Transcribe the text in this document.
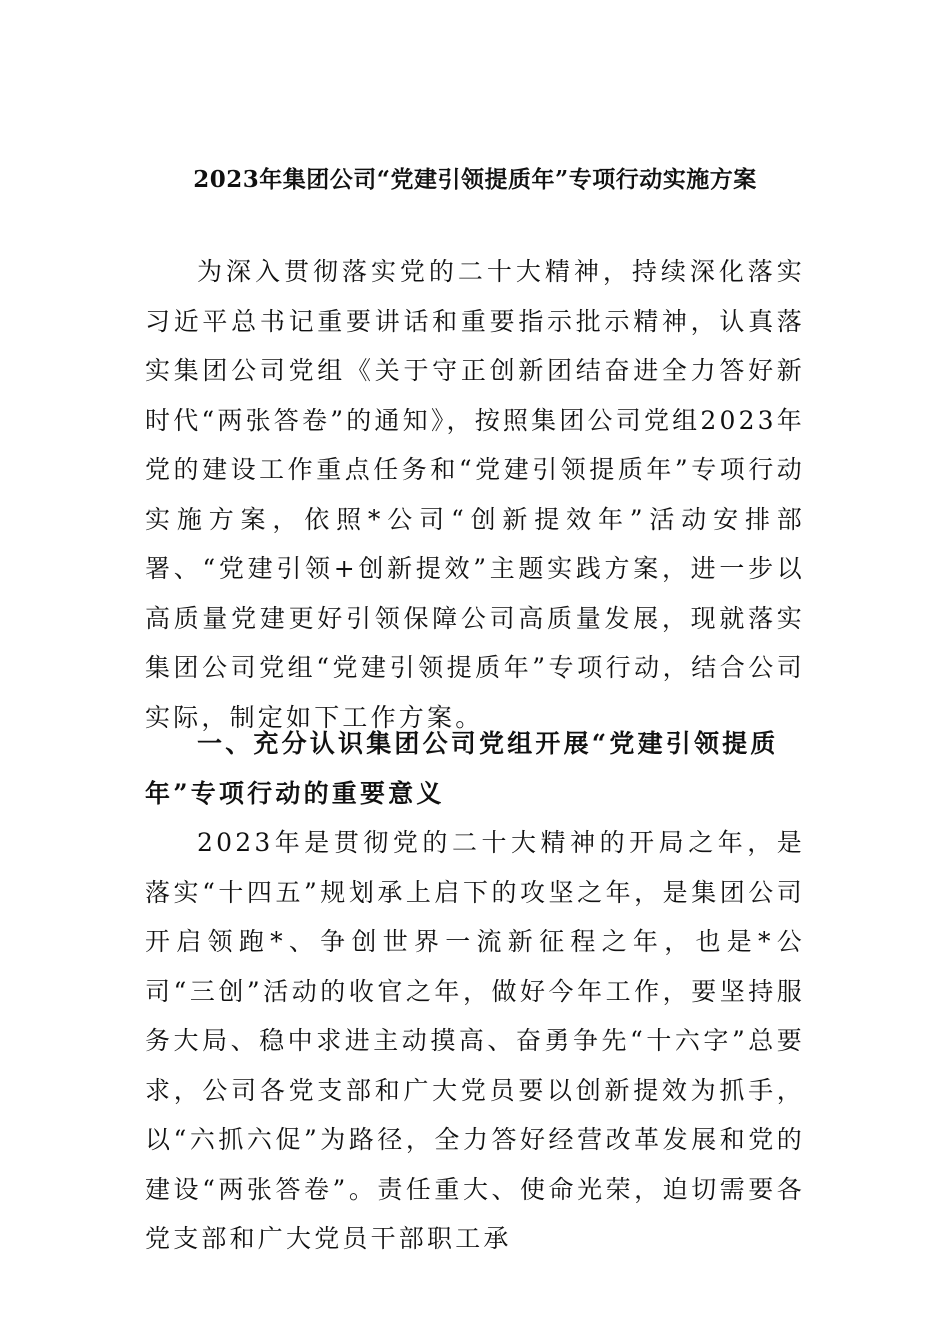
2023年集团公司“党建引领提质年”专项行动实施方案

为深入贯彻落实党的二十大精神，持续深化落实习近平总书记重要讲话和重要指示批示精神，认真落实集团公司党组《关于守正创新团结奋进全力答好新时代“两张答卷”的通知》，按照集团公司党组2023年党的建设工作重点任务和“党建引领提质年”专项行动实施方案，依照*公司“创新提效年”活动安排部署、“党建引领+创新提效”主题实践方案，进一步以高质量党建更好引领保障公司高质量发展，现就落实集团公司党组“党建引领提质年”专项行动，结合公司实际，制定如下工作方案。

一、充分认识集团公司党组开展“党建引领提质年”专项行动的重要意义

2023年是贯彻党的二十大精神的开局之年，是落实“十四五”规划承上启下的攻坚之年，是集团公司开启领跑*、争创世界一流新征程之年，也是*公司“三创”活动的收官之年，做好今年工作，要坚持服务大局、稳中求进主动摸高、奋勇争先“十六字”总要求，公司各党支部和广大党员要以创新提效为抓手，以“六抓六促”为路径，全力答好经营改革发展和党的建设“两张答卷”。责任重大、使命光荣，迫切需要各党支部和广大党员干部职工承
